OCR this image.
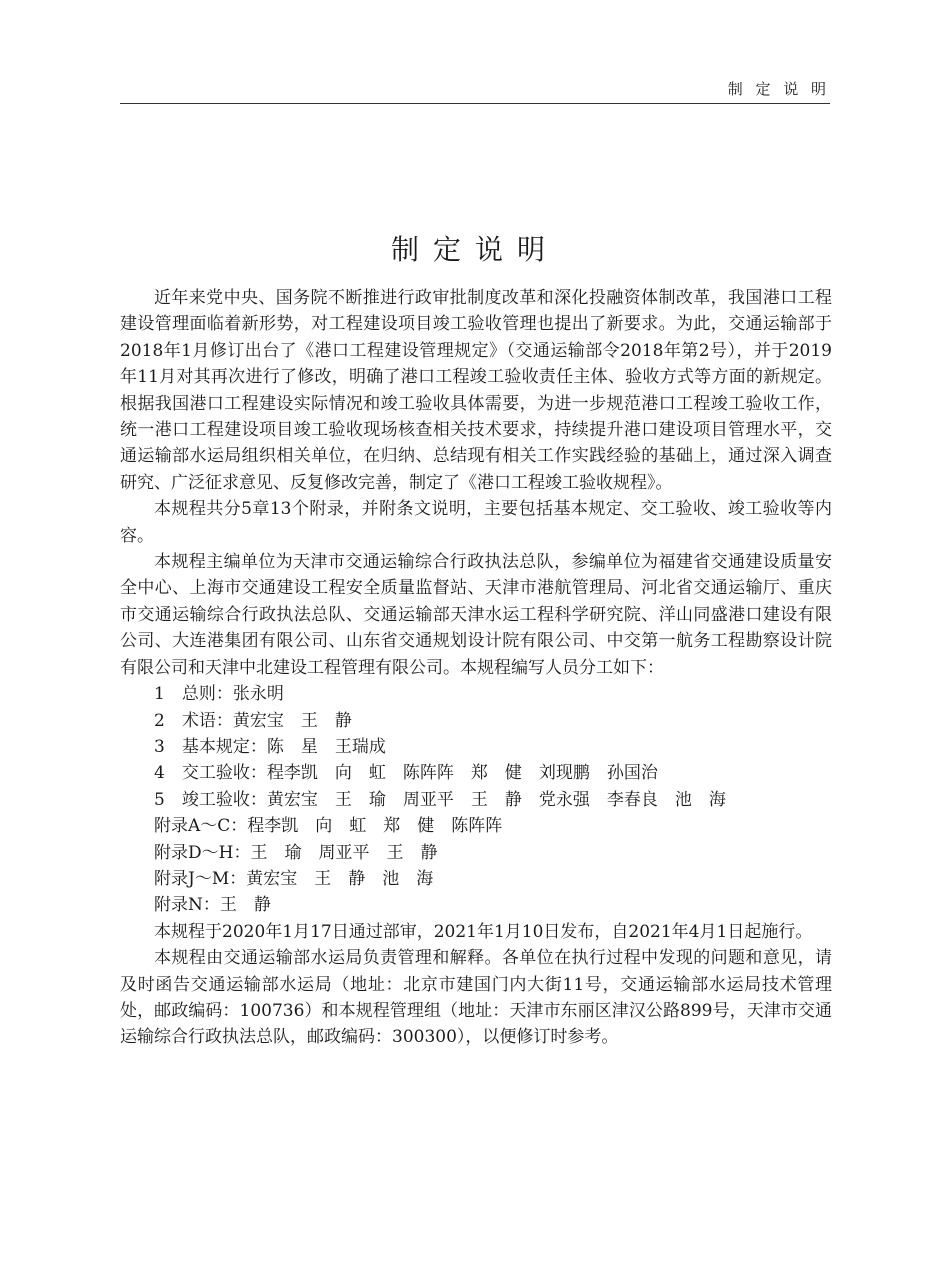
制 定 说 明
制定说明

近年来党中央、国务院不断推进行政审批制度改革和深化投融资体制改革，我国港口工程建设管理面临着新形势，对工程建设项目竣工验收管理也提出了新要求。为此，交通运输部于2018年1月修订出台了《港口工程建设管理规定》（交通运输部令2018年第2号），并于2019年11月对其再次进行了修改，明确了港口工程竣工验收责任主体、验收方式等方面的新规定。根据我国港口工程建设实际情况和竣工验收具体需要，为进一步规范港口工程竣工验收工作，统一港口工程建设项目竣工验收现场核查相关技术要求，持续提升港口建设项目管理水平，交通运输部水运局组织相关单位，在归纳、总结现有相关工作实践经验的基础上，通过深入调查研究、广泛征求意见、反复修改完善，制定了《港口工程竣工验收规程》。

本规程共分5章13个附录，并附条文说明，主要包括基本规定、交工验收、竣工验收等内容。

本规程主编单位为天津市交通运输综合行政执法总队，参编单位为福建省交通建设质量安全中心、上海市交通建设工程安全质量监督站、天津市港航管理局、河北省交通运输厅、重庆市交通运输综合行政执法总队、交通运输部天津水运工程科学研究院、洋山同盛港口建设有限公司、大连港集团有限公司、山东省交通规划设计院有限公司、中交第一航务工程勘察设计院有限公司和天津中北建设工程管理有限公司。本规程编写人员分工如下：

1　总则：张永明
2　术语：黄宏宝　王　静
3　基本规定：陈　星　王瑞成
4　交工验收：程李凯　向　虹　陈阵阵　郑　健　刘现鹏　孙国治
5　竣工验收：黄宏宝　王　瑜　周亚平　王　静　党永强　李春良　池　海
附录A～C：程李凯　向　虹　郑　健　陈阵阵
附录D～H：王　瑜　周亚平　王　静
附录J～M：黄宏宝　王　静　池　海
附录N：王　静

本规程于2020年1月17日通过部审，2021年1月10日发布，自2021年4月1日起施行。

本规程由交通运输部水运局负责管理和解释。各单位在执行过程中发现的问题和意见，请及时函告交通运输部水运局（地址：北京市建国门内大街11号，交通运输部水运局技术管理处，邮政编码：100736）和本规程管理组（地址：天津市东丽区津汉公路899号，天津市交通运输综合行政执法总队，邮政编码：300300），以便修订时参考。
